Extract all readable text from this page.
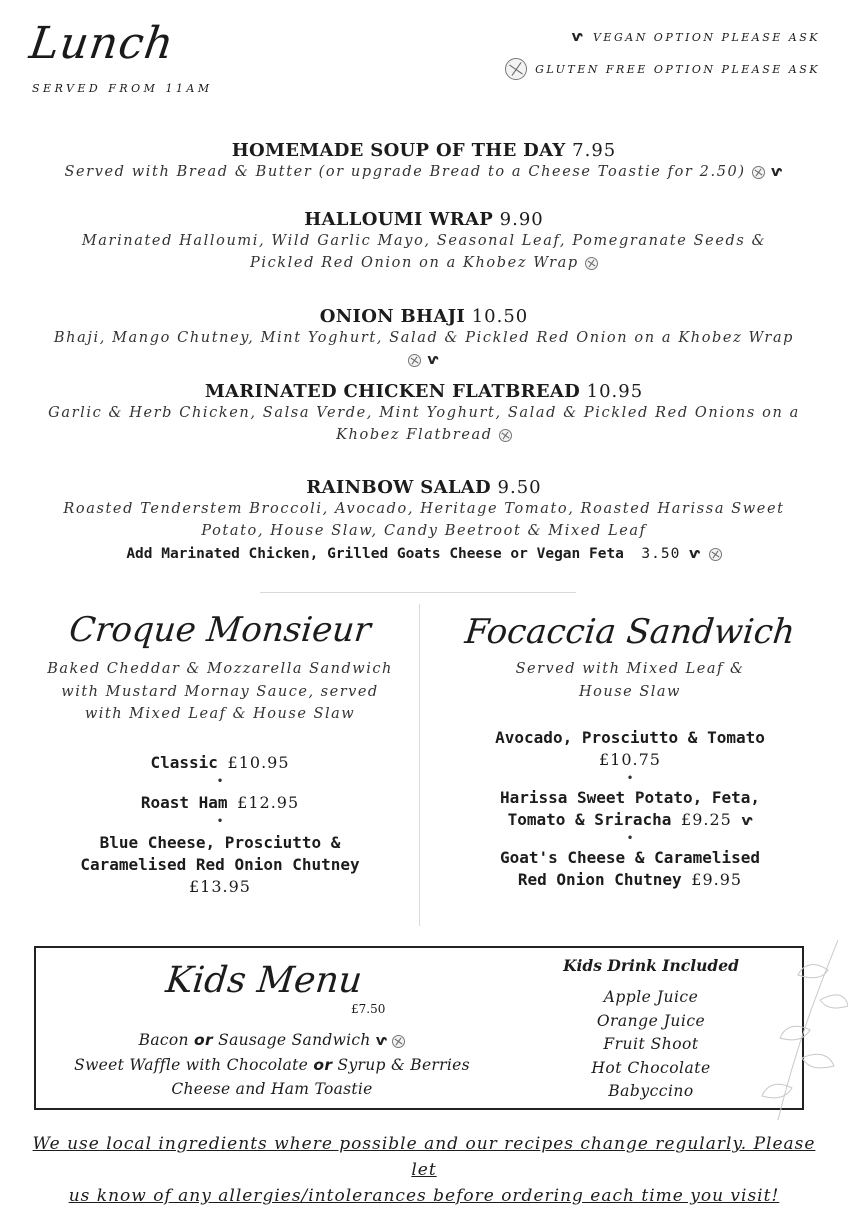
Lunch
SERVED FROM 11AM
ⱱ VEGAN OPTION PLEASE ASK
GLUTEN FREE OPTION PLEASE ASK
HOMEMADE SOUP OF THE DAY 7.95
Served with Bread & Butter (or upgrade Bread to a Cheese Toastie for 2.50) ⱱ
HALLOUMI WRAP 9.90
Marinated Halloumi, Wild Garlic Mayo, Seasonal Leaf, Pomegranate Seeds &
Pickled Red Onion on a Khobez Wrap
ONION BHAJI 10.50
Bhaji, Mango Chutney, Mint Yoghurt, Salad & Pickled Red Onion on a Khobez Wrap  ⱱ
MARINATED CHICKEN FLATBREAD 10.95
Garlic & Herb Chicken, Salsa Verde, Mint Yoghurt, Salad & Pickled Red Onions on a
Khobez Flatbread
RAINBOW SALAD 9.50
Roasted Tenderstem Broccoli, Avocado, Heritage Tomato, Roasted Harissa Sweet
Potato, House Slaw, Candy Beetroot & Mixed Leaf
Add Marinated Chicken, Grilled Goats Cheese or Vegan Feta 3.50 ⱱ
Croque Monsieur
Baked Cheddar & Mozzarella Sandwich
with Mustard Mornay Sauce, served
with Mixed Leaf & House Slaw
Classic £10.95
•
Roast Ham £12.95
•
Blue Cheese, Prosciutto &
Caramelised Red Onion Chutney
£13.95
Focaccia Sandwich
Served with Mixed Leaf &
House Slaw
Avocado, Prosciutto & Tomato
£10.75
•
Harissa Sweet Potato, Feta,
Tomato & Sriracha £9.25 ⱱ
•
Goat's Cheese & Caramelised
Red Onion Chutney £9.95
Kids Menu
£7.50
Bacon or Sausage Sandwich ⱱ
Sweet Waffle with Chocolate or Syrup & Berries
Cheese and Ham Toastie
Kids Drink Included
Apple Juice
Orange Juice
Fruit Shoot
Hot Chocolate
Babyccino
We use local ingredients where possible and our recipes change regularly. Please let
us know of any allergies/intolerances before ordering each time you visit!
